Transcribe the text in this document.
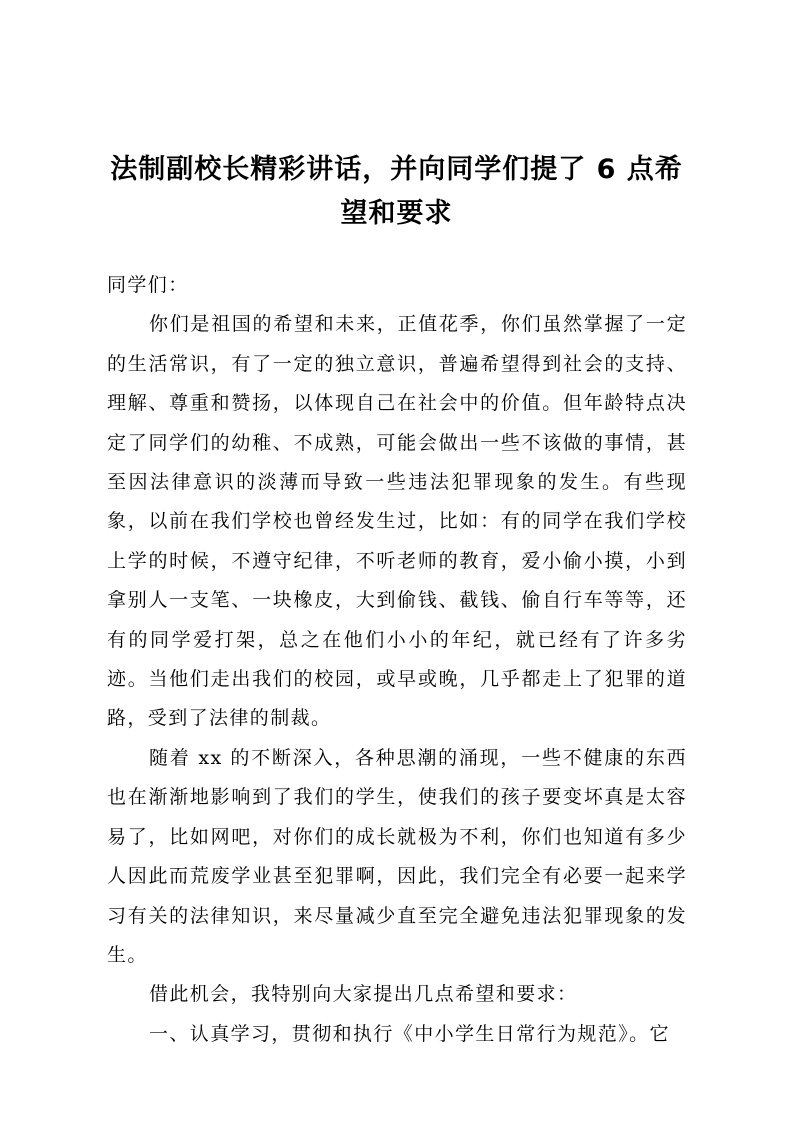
法制副校长精彩讲话，并向同学们提了 6 点希望和要求

同学们：

你们是祖国的希望和未来，正值花季，你们虽然掌握了一定的生活常识，有了一定的独立意识，普遍希望得到社会的支持、理解、尊重和赞扬，以体现自己在社会中的价值。但年龄特点决定了同学们的幼稚、不成熟，可能会做出一些不该做的事情，甚至因法律意识的淡薄而导致一些违法犯罪现象的发生。有些现象，以前在我们学校也曾经发生过，比如：有的同学在我们学校上学的时候，不遵守纪律，不听老师的教育，爱小偷小摸，小到拿别人一支笔、一块橡皮，大到偷钱、截钱、偷自行车等等，还有的同学爱打架，总之在他们小小的年纪，就已经有了许多劣迹。当他们走出我们的校园，或早或晚，几乎都走上了犯罪的道路，受到了法律的制裁。

随着 xx 的不断深入，各种思潮的涌现，一些不健康的东西也在渐渐地影响到了我们的学生，使我们的孩子要变坏真是太容易了，比如网吧，对你们的成长就极为不利，你们也知道有多少人因此而荒废学业甚至犯罪啊，因此，我们完全有必要一起来学习有关的法律知识，来尽量减少直至完全避免违法犯罪现象的发生。

借此机会，我特别向大家提出几点希望和要求：

一、认真学习，贯彻和执行《中小学生日常行为规范》。它
